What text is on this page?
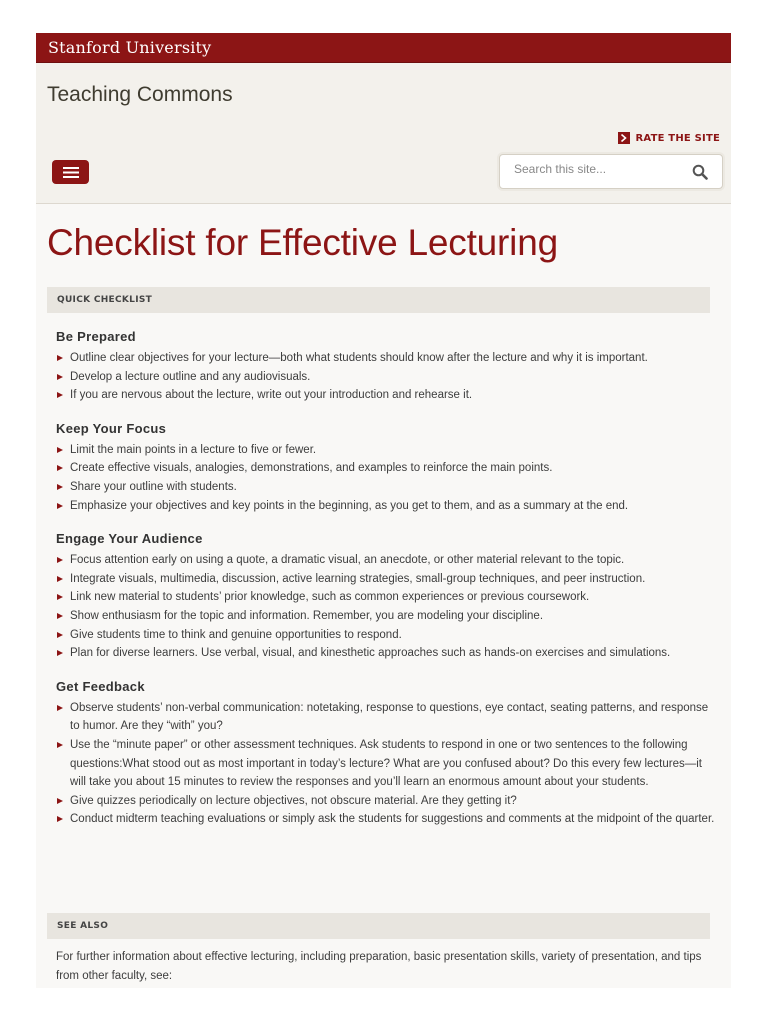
Stanford University
Teaching Commons
RATE THE SITE
Search this site...
Checklist for Effective Lecturing
QUICK CHECKLIST
Be Prepared
Outline clear objectives for your lecture—both what students should know after the lecture and why it is important.
Develop a lecture outline and any audiovisuals.
If you are nervous about the lecture, write out your introduction and rehearse it.
Keep Your Focus
Limit the main points in a lecture to five or fewer.
Create effective visuals, analogies, demonstrations, and examples to reinforce the main points.
Share your outline with students.
Emphasize your objectives and key points in the beginning, as you get to them, and as a summary at the end.
Engage Your Audience
Focus attention early on using a quote, a dramatic visual, an anecdote, or other material relevant to the topic.
Integrate visuals, multimedia, discussion, active learning strategies, small-group techniques, and peer instruction.
Link new material to students’ prior knowledge, such as common experiences or previous coursework.
Show enthusiasm for the topic and information. Remember, you are modeling your discipline.
Give students time to think and genuine opportunities to respond.
Plan for diverse learners. Use verbal, visual, and kinesthetic approaches such as hands-on exercises and simulations.
Get Feedback
Observe students’ non-verbal communication: notetaking, response to questions, eye contact, seating patterns, and response to humor. Are they “with” you?
Use the “minute paper” or other assessment techniques. Ask students to respond in one or two sentences to the following questions:What stood out as most important in today’s lecture? What are you confused about? Do this every few lectures—it will take you about 15 minutes to review the responses and you’ll learn an enormous amount about your students.
Give quizzes periodically on lecture objectives, not obscure material. Are they getting it?
Conduct midterm teaching evaluations or simply ask the students for suggestions and comments at the midpoint of the quarter.
SEE ALSO
For further information about effective lecturing, including preparation, basic presentation skills, variety of presentation, and tips from other faculty, see:
